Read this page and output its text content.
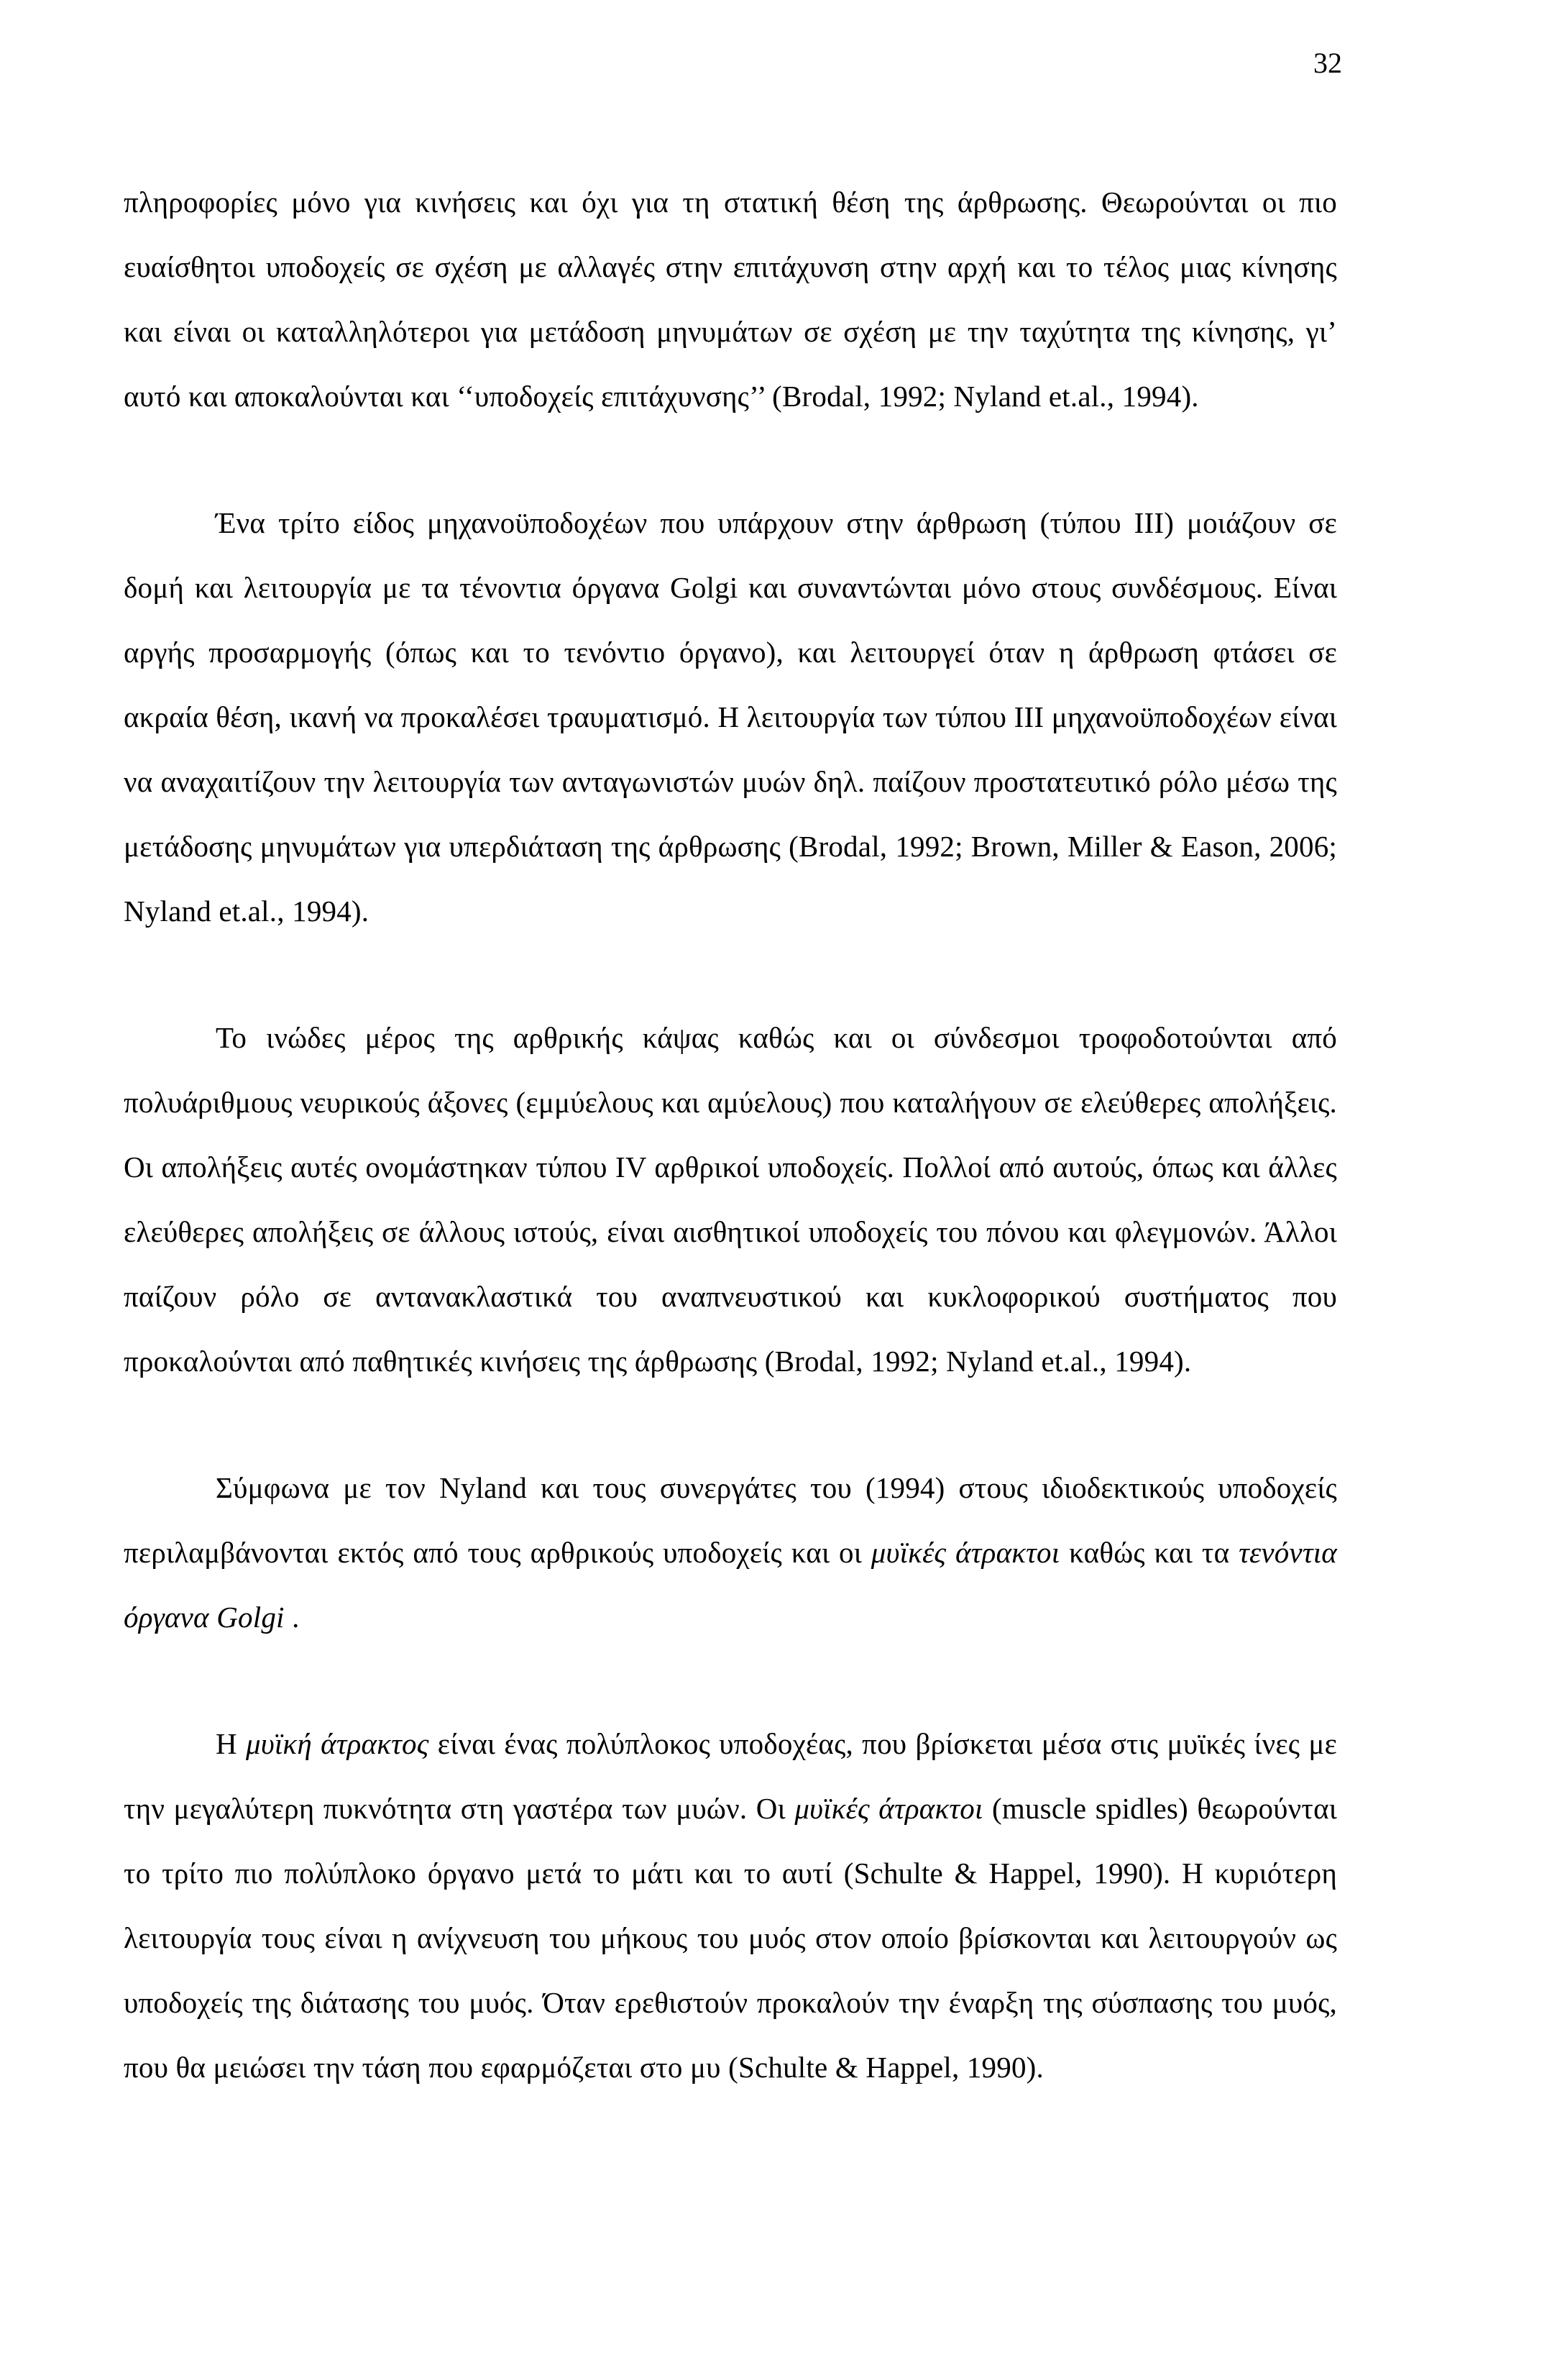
32

πληροφορίες μόνο για κινήσεις και όχι για τη στατική θέση της άρθρωσης. Θεωρούνται οι πιο ευαίσθητοι υποδοχείς σε σχέση με αλλαγές στην επιτάχυνση στην αρχή και το τέλος μιας κίνησης και είναι οι καταλληλότεροι για μετάδοση μηνυμάτων σε σχέση με την ταχύτητα της κίνησης, γι’ αυτό και αποκαλούνται και ‘‘υποδοχείς επιτάχυνσης’’ (Brodal, 1992; Nyland et.al., 1994).

Ένα τρίτο είδος μηχανοϋποδοχέων που υπάρχουν στην άρθρωση (τύπου ΙΙΙ) μοιάζουν σε δομή και λειτουργία με τα τένοντια όργανα Golgi και συναντώνται μόνο στους συνδέσμους. Είναι αργής προσαρμογής (όπως και το τενόντιο όργανο), και λειτουργεί όταν η άρθρωση φτάσει σε ακραία θέση, ικανή να προκαλέσει τραυματισμό. Η λειτουργία των τύπου ΙΙΙ μηχανοϋποδοχέων είναι να αναχαιτίζουν την λειτουργία των ανταγωνιστών μυών δηλ. παίζουν προστατευτικό ρόλο μέσω της μετάδοσης μηνυμάτων για υπερδιάταση της άρθρωσης (Brodal, 1992; Brown, Miller & Eason, 2006; Nyland et.al., 1994).

Το ινώδες μέρος της αρθρικής κάψας καθώς και οι σύνδεσμοι τροφοδοτούνται από πολυάριθμους νευρικούς άξονες (εμμύελους και αμύελους) που καταλήγουν σε ελεύθερες απολήξεις. Οι απολήξεις αυτές ονομάστηκαν τύπου IV αρθρικοί υποδοχείς. Πολλοί από αυτούς, όπως και άλλες ελεύθερες απολήξεις σε άλλους ιστούς, είναι αισθητικοί υποδοχείς του πόνου και φλεγμονών. Άλλοι παίζουν ρόλο σε αντανακλαστικά του αναπνευστικού και κυκλοφορικού συστήματος που προκαλούνται από παθητικές κινήσεις της άρθρωσης (Brodal, 1992; Nyland et.al., 1994).

Σύμφωνα με τον Nyland και τους συνεργάτες του (1994) στους ιδιοδεκτικούς υποδοχείς περιλαμβάνονται εκτός από τους αρθρικούς υποδοχείς και οι μυϊκές άτρακτοι καθώς και τα τενόντια όργανα Golgi .

Η μυϊκή άτρακτος είναι ένας πολύπλοκος υποδοχέας, που βρίσκεται μέσα στις μυϊκές ίνες με την μεγαλύτερη πυκνότητα στη γαστέρα των μυών. Οι μυϊκές άτρακτοι (muscle spidles) θεωρούνται το τρίτο πιο πολύπλοκο όργανο μετά το μάτι και το αυτί (Schulte & Happel, 1990). Η κυριότερη λειτουργία τους είναι η ανίχνευση του μήκους του μυός στον οποίο βρίσκονται και λειτουργούν ως υποδοχείς της διάτασης του μυός. Όταν ερεθιστούν προκαλούν την έναρξη της σύσπασης του μυός, που θα μειώσει την τάση που εφαρμόζεται στο μυ (Schulte & Happel, 1990).
